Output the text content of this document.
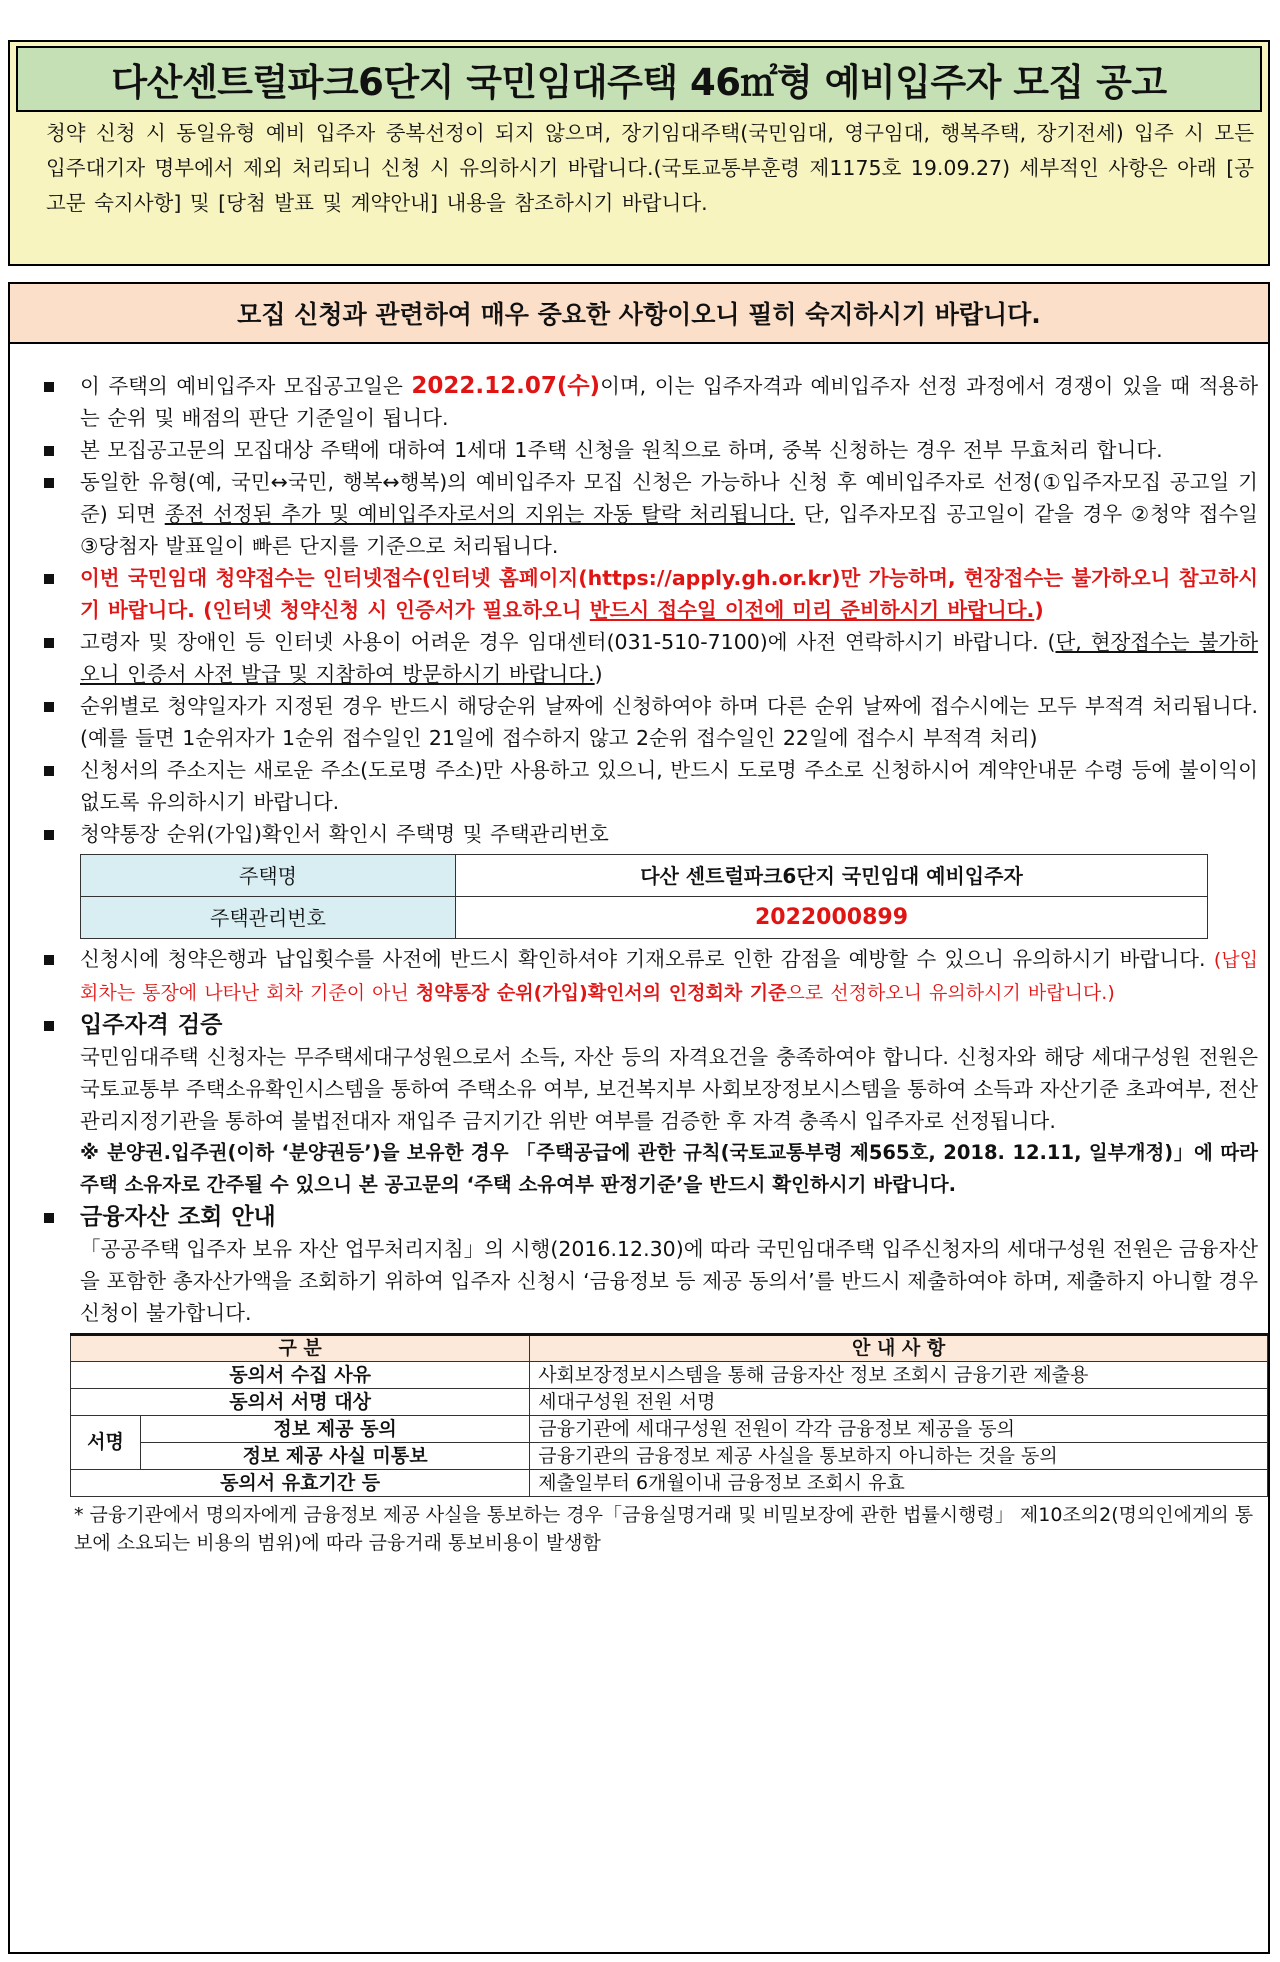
다산센트럴파크6단지 국민임대주택 46㎡형 예비입주자 모집 공고

청약 신청 시 동일유형 예비 입주자 중복선정이 되지 않으며, 장기임대주택(국민임대, 영구임대, 행복주택, 장기전세) 입주 시 모든 입주대기자 명부에서 제외 처리되니 신청 시 유의하시기 바랍니다.(국토교통부훈령 제1175호 19.09.27) 세부적인 사항은 아래 [공고문 숙지사항] 및 [당첨 발표 및 계약안내] 내용을 참조하시기 바랍니다.

모집 신청과 관련하여 매우 중요한 사항이오니 필히 숙지하시기 바랍니다.
이 주택의 예비입주자 모집공고일은 2022.12.07(수)이며, 이는 입주자격과 예비입주자 선정 과정에서 경쟁이 있을 때 적용하는 순위 및 배점의 판단 기준일이 됩니다.
본 모집공고문의 모집대상 주택에 대하여 1세대 1주택 신청을 원칙으로 하며, 중복 신청하는 경우 전부 무효처리 합니다.
동일한 유형(예, 국민↔국민, 행복↔행복)의 예비입주자 모집 신청은 가능하나 신청 후 예비입주자로 선정(①입주자모집 공고일 기준) 되면 종전 선정된 추가 및 예비입주자로서의 지위는 자동 탈락 처리됩니다. 단, 입주자모집 공고일이 같을 경우 ②청약 접수일 ③당첨자 발표일이 빠른 단지를 기준으로 처리됩니다.
이번 국민임대 청약접수는 인터넷접수(인터넷 홈페이지(https://apply.gh.or.kr)만 가능하며, 현장접수는 불가하오니 참고하시기 바랍니다. (인터넷 청약신청 시 인증서가 필요하오니 반드시 접수일 이전에 미리 준비하시기 바랍니다.)
고령자 및 장애인 등 인터넷 사용이 어려운 경우 임대센터(031-510-7100)에 사전 연락하시기 바랍니다. (단, 현장접수는 불가하오니 인증서 사전 발급 및 지참하여 방문하시기 바랍니다.)
순위별로 청약일자가 지정된 경우 반드시 해당순위 날짜에 신청하여야 하며 다른 순위 날짜에 접수시에는 모두 부적격 처리됩니다.(예를 들면 1순위자가 1순위 접수일인 21일에 접수하지 않고 2순위 접수일인 22일에 접수시 부적격 처리)
신청서의 주소지는 새로운 주소(도로명 주소)만 사용하고 있으니, 반드시 도로명 주소로 신청하시어 계약안내문 수령 등에 불이익이 없도록 유의하시기 바랍니다.
청약통장 순위(가입)확인서 확인시 주택명 및 주택관리번호
주택명	다산 센트럴파크6단지 국민임대 예비입주자
주택관리번호	2022000899
신청시에 청약은행과 납입횟수를 사전에 반드시 확인하셔야 기재오류로 인한 감점을 예방할 수 있으니 유의하시기 바랍니다. (납입 회차는 통장에 나타난 회차 기준이 아닌 청약통장 순위(가입)확인서의 인정회차 기준으로 선정하오니 유의하시기 바랍니다.)
입주자격 검증

국민임대주택 신청자는 무주택세대구성원으로서 소득, 자산 등의 자격요건을 충족하여야 합니다. 신청자와 해당 세대구성원 전원은 국토교통부 주택소유확인시스템을 통하여 주택소유 여부, 보건복지부 사회보장정보시스템을 통하여 소득과 자산기준 초과여부, 전산관리지정기관을 통하여 불법전대자 재입주 금지기간 위반 여부를 검증한 후 자격 충족시 입주자로 선정됩니다.

※ 분양권.입주권(이하 ‘분양권등’)을 보유한 경우 「주택공급에 관한 규칙(국토교통부령 제565호, 2018. 12.11, 일부개정)」에 따라 주택 소유자로 간주될 수 있으니 본 공고문의 ‘주택 소유여부 판정기준’을 반드시 확인하시기 바랍니다.

금융자산 조회 안내

「공공주택 입주자 보유 자산 업무처리지침」의 시행(2016.12.30)에 따라 국민임대주택 입주신청자의 세대구성원 전원은 금융자산을 포함한 총자산가액을 조회하기 위하여 입주자 신청시 ‘금융정보 등 제공 동의서’를 반드시 제출하여야 하며, 제출하지 아니할 경우 신청이 불가합니다.

구 분		안 내 사 항
동의서 수집 사유		사회보장정보시스템을 통해 금융자산 정보 조회시 금융기관 제출용
동의서 서명 대상		세대구성원 전원 서명
서명	정보 제공 동의	금융기관에 세대구성원 전원이 각각 금융정보 제공을 동의
	정보 제공 사실 미통보	금융기관의 금융정보 제공 사실을 통보하지 아니하는 것을 동의
동의서 유효기간 등		제출일부터 6개월이내 금융정보 조회시 유효

* 금융기관에서 명의자에게 금융정보 제공 사실을 통보하는 경우「금융실명거래 및 비밀보장에 관한 법률시행령」 제10조의2(명의인에게의 통보에 소요되는 비용의 범위)에 따라 금융거래 통보비용이 발생함
